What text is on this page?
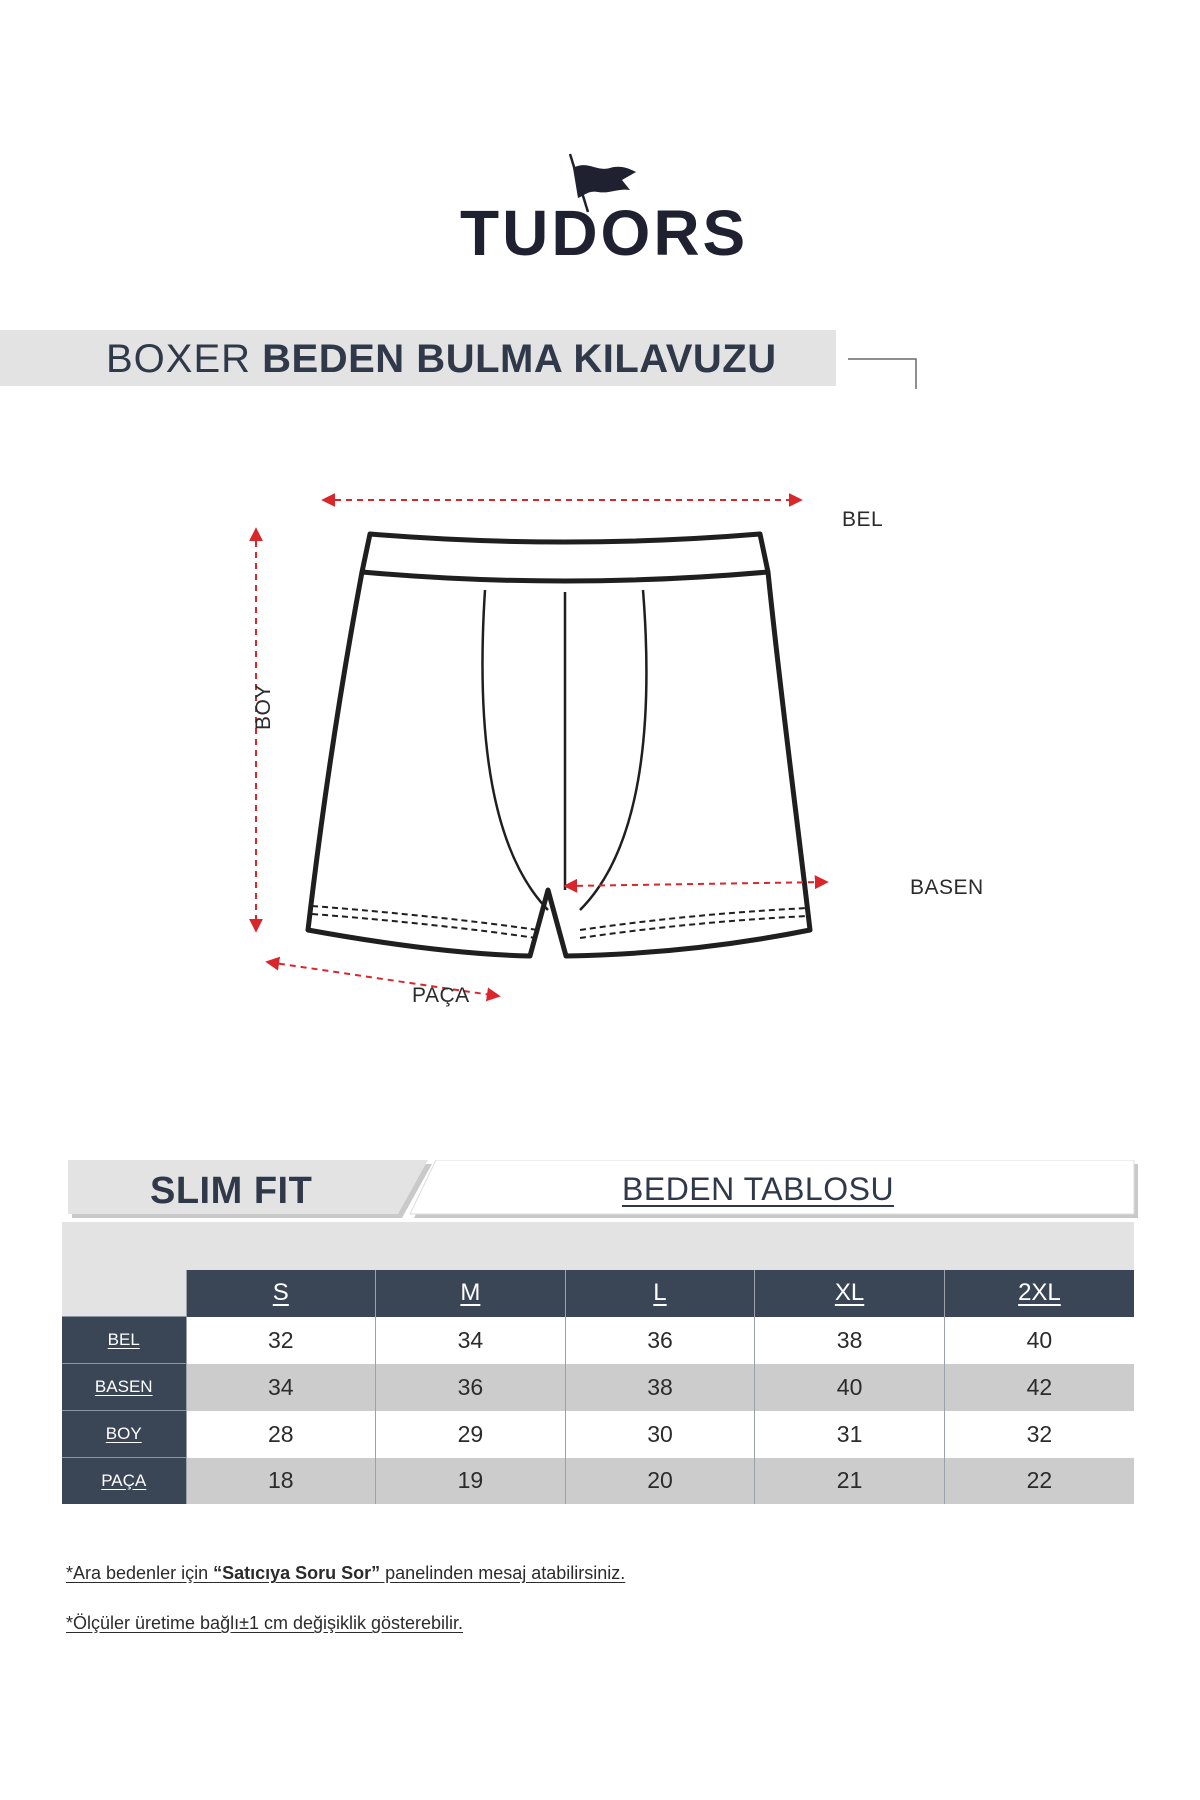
TUDORS
BOXER BEDEN BULMA KILAVUZU
BEL
BASEN
BOY
PAÇA
SLIM FIT	BEDEN TABLOSU
	S	M	L	XL	2XL
BEL	32	34	36	38	40
BASEN	34	36	38	40	42
BOY	28	29	30	31	32
PAÇA	18	19	20	21	22
*Ara bedenler için “Satıcıya Soru Sor” panelinden mesaj atabilirsiniz.
*Ölçüler üretime bağlı±1 cm değişiklik gösterebilir.
